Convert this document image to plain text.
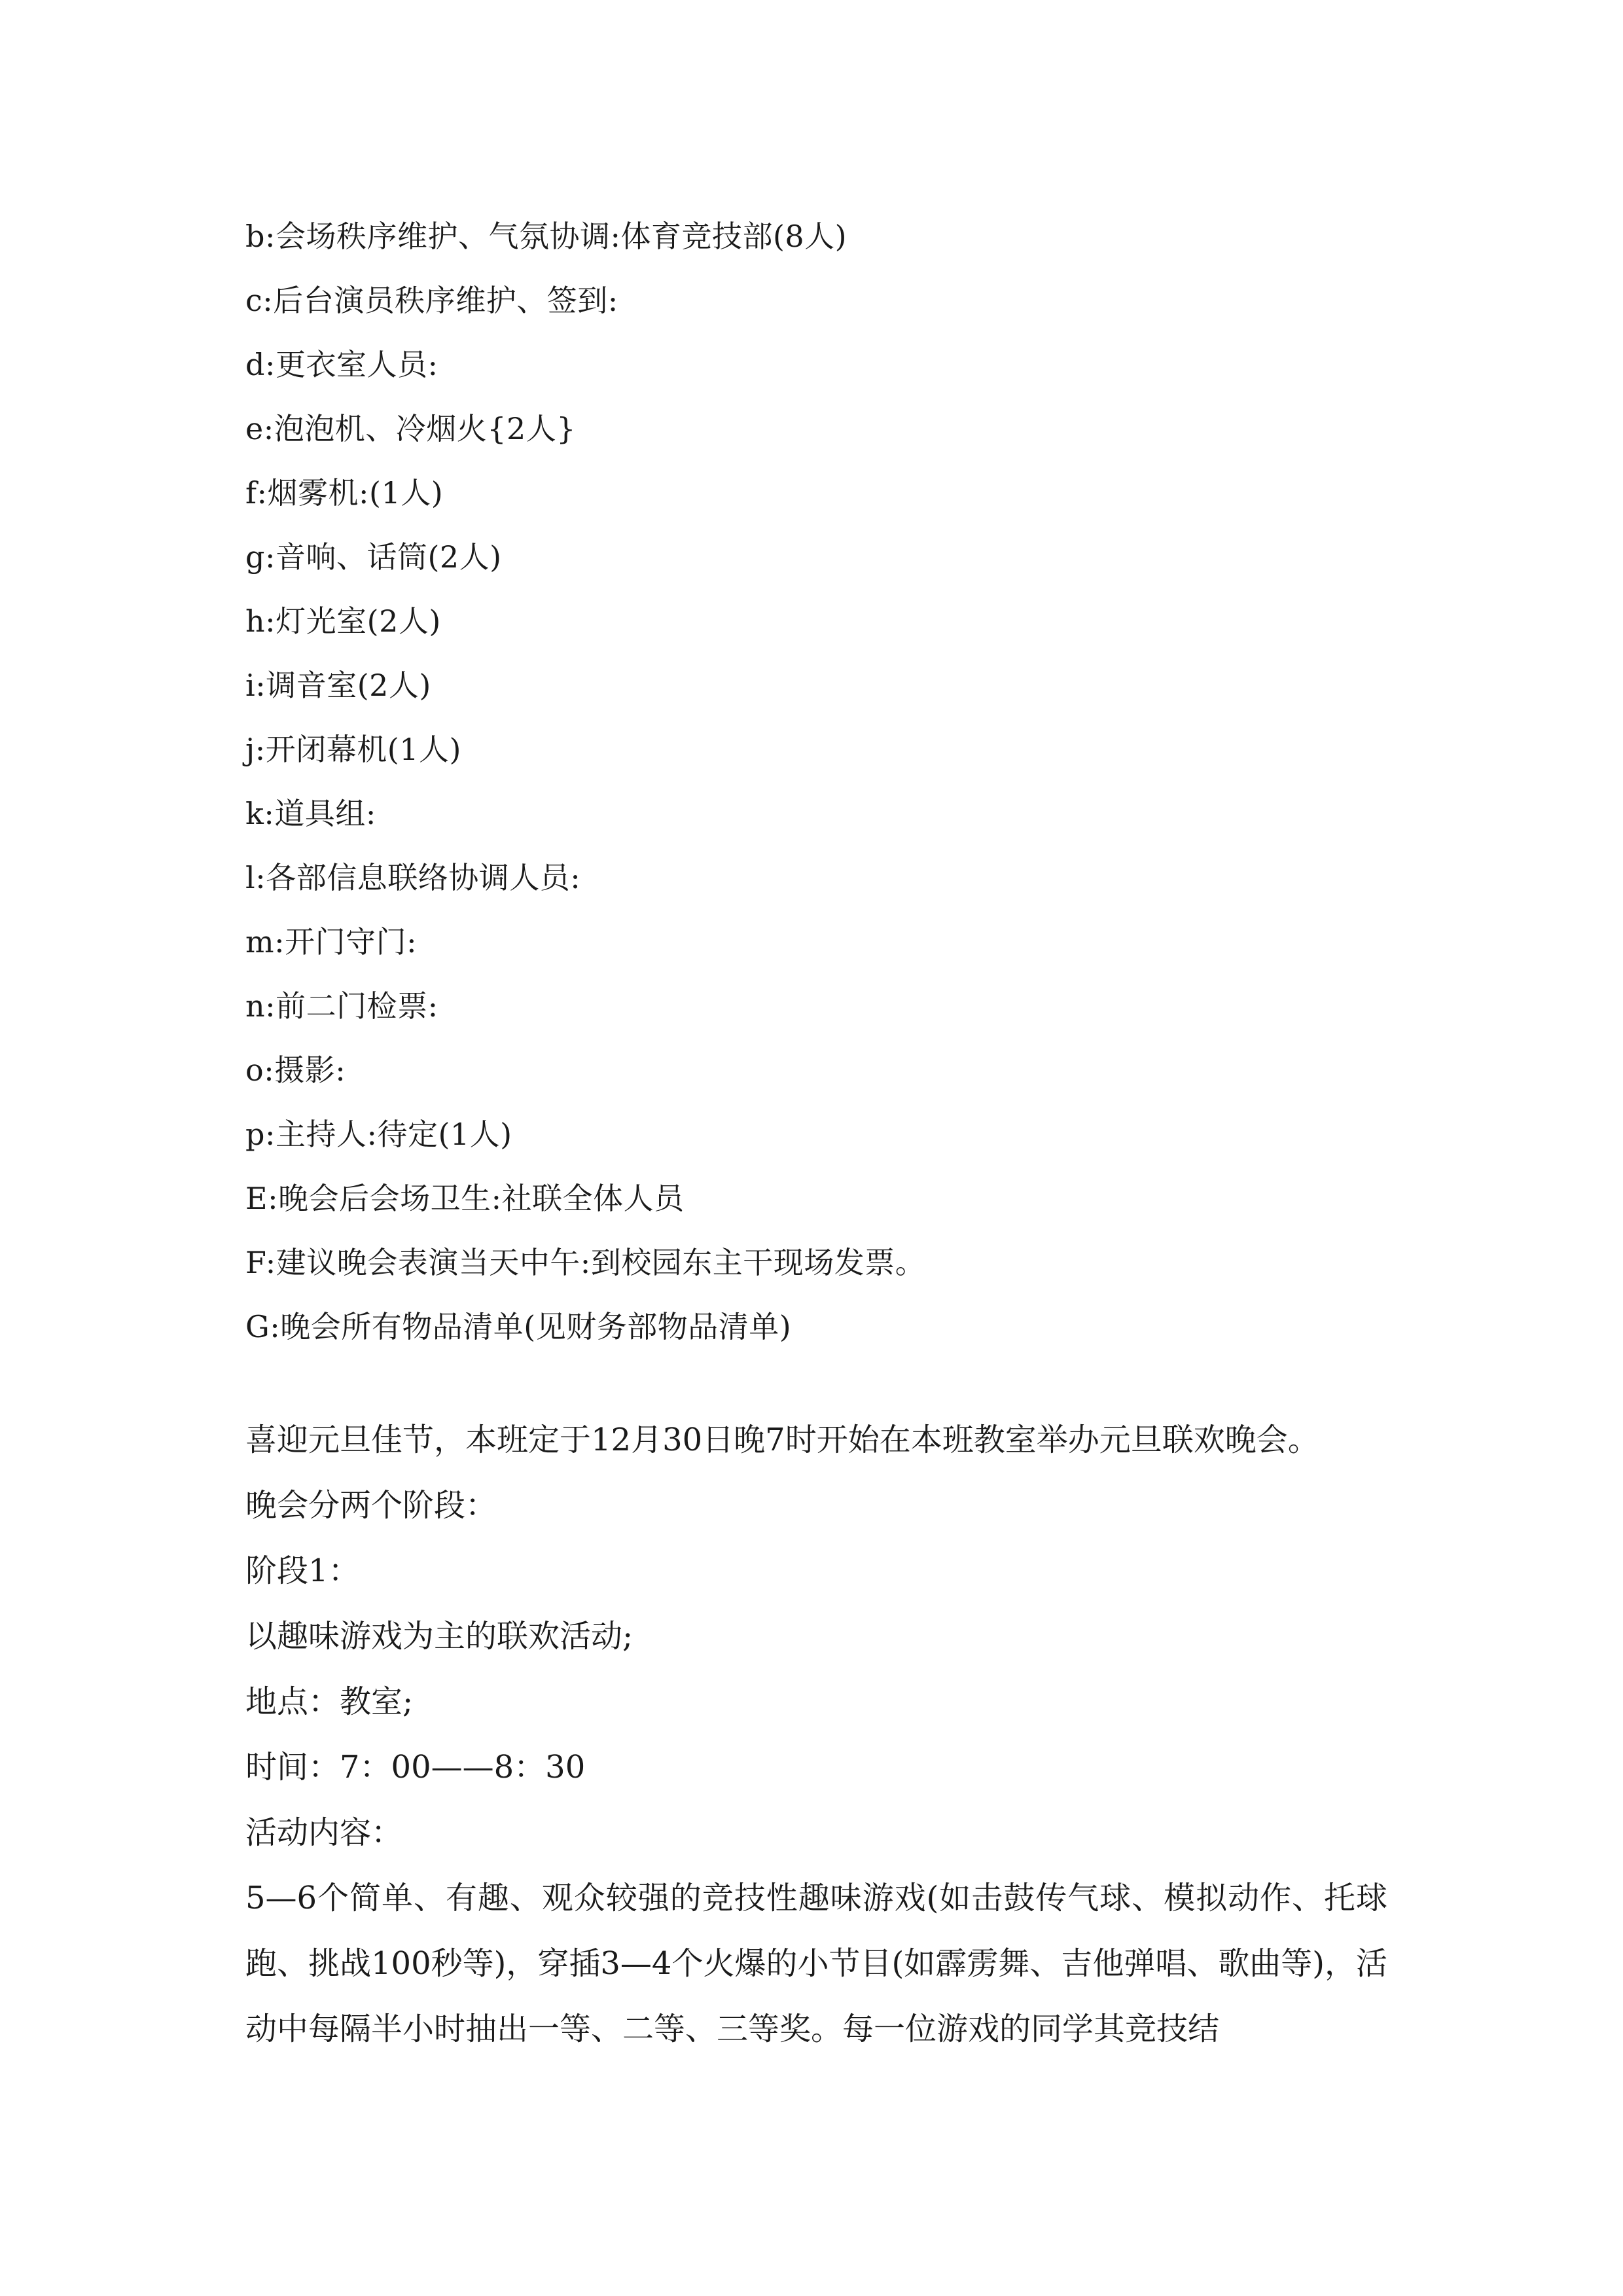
b:会场秩序维护、气氛协调:体育竞技部(8人)
c:后台演员秩序维护、签到:
d:更衣室人员:
e:泡泡机、冷烟火{2人}
f:烟雾机:(1人)
g:音响、话筒(2人)
h:灯光室(2人)
i:调音室(2人)
j:开闭幕机(1人)
k:道具组:
l:各部信息联络协调人员:
m:开门守门:
n:前二门检票:
o:摄影:
p:主持人:待定(1人)
E:晚会后会场卫生:社联全体人员
F:建议晚会表演当天中午:到校园东主干现场发票。
G:晚会所有物品清单(见财务部物品清单)
喜迎元旦佳节，本班定于12月30日晚7时开始在本班教室举办元旦联欢晚会。
晚会分两个阶段：
阶段1：
以趣味游戏为主的联欢活动;
地点：教室;
时间：7：00——8：30
活动内容：
5—6个简单、有趣、观众较强的竞技性趣味游戏(如击鼓传气球、模拟动作、托球跑、挑战100秒等)，穿插3—4个火爆的小节目(如霹雳舞、吉他弹唱、歌曲等)，活动中每隔半小时抽出一等、二等、三等奖。每一位游戏的同学其竞技结
